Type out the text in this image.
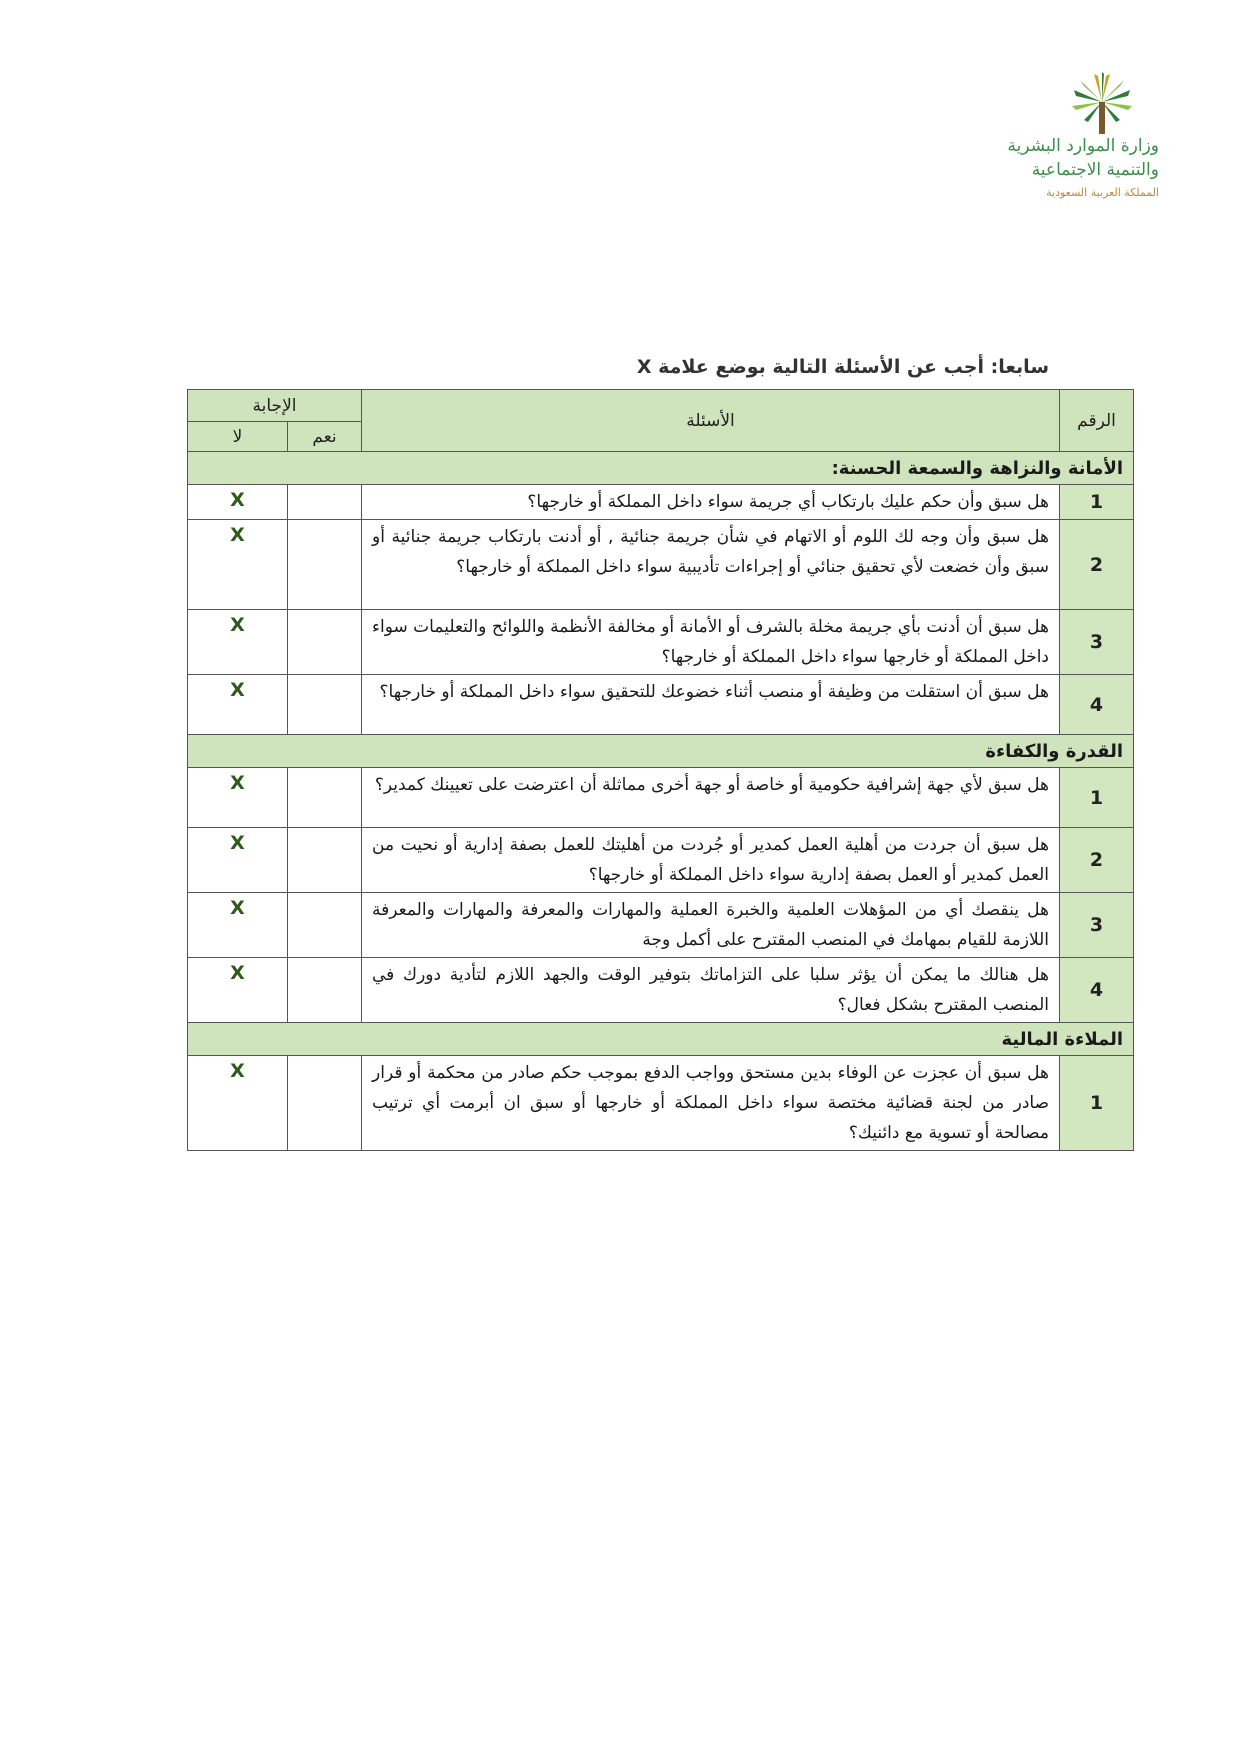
وزارة الموارد البشرية
والتنمية الاجتماعية
المملكة العربية السعودية
سابعا: أجب عن الأسئلة التالية بوضع علامة X
الرقم	الأسئلة	الإجابة	
		نعم	لا
الأمانة والنزاهة والسمعة الحسنة:			
1	هل سبق وأن حكم عليك بارتكاب أي جريمة سواء داخل المملكة أو خارجها؟		X
2	هل سبق وأن وجه لك اللوم أو الاتهام في شأن جريمة جنائية , أو أدنت بارتكاب جريمة جنائية أو سبق وأن خضعت لأي تحقيق جنائي أو إجراءات تأديبية سواء داخل المملكة أو خارجها؟		X
3	هل سبق أن أدنت بأي جريمة مخلة بالشرف أو الأمانة أو مخالفة الأنظمة واللوائح والتعليمات سواء داخل المملكة أو خارجها سواء داخل المملكة أو خارجها؟		X
4	هل سبق أن استقلت من وظيفة أو منصب أثناء خضوعك للتحقيق سواء داخل المملكة أو خارجها؟		X
القدرة والكفاءة			
1	هل سبق لأي جهة إشرافية حكومية أو خاصة أو جهة أخرى مماثلة أن اعترضت على تعيينك كمدير؟		X
2	هل سبق أن جردت من أهلية العمل كمدير أو جُردت من أهليتك للعمل بصفة إدارية أو نحيت من العمل كمدير أو العمل بصفة إدارية سواء داخل المملكة أو خارجها؟		X
3	هل ينقصك أي من المؤهلات العلمية والخبرة العملية والمهارات والمعرفة والمهارات والمعرفة اللازمة للقيام بمهامك في المنصب المقترح على أكمل وجة		X
4	هل هنالك ما يمكن أن يؤثر سلبا على التزاماتك بتوفير الوقت والجهد اللازم لتأدية دورك في المنصب المقترح بشكل فعال؟		X
الملاءة المالية			
1	هل سبق أن عجزت عن الوفاء بدين مستحق وواجب الدفع بموجب حكم صادر من محكمة أو قرار صادر من لجنة قضائية مختصة سواء داخل المملكة أو خارجها أو سبق ان أبرمت أي ترتيب مصالحة أو تسوية مع دائنيك؟		X
